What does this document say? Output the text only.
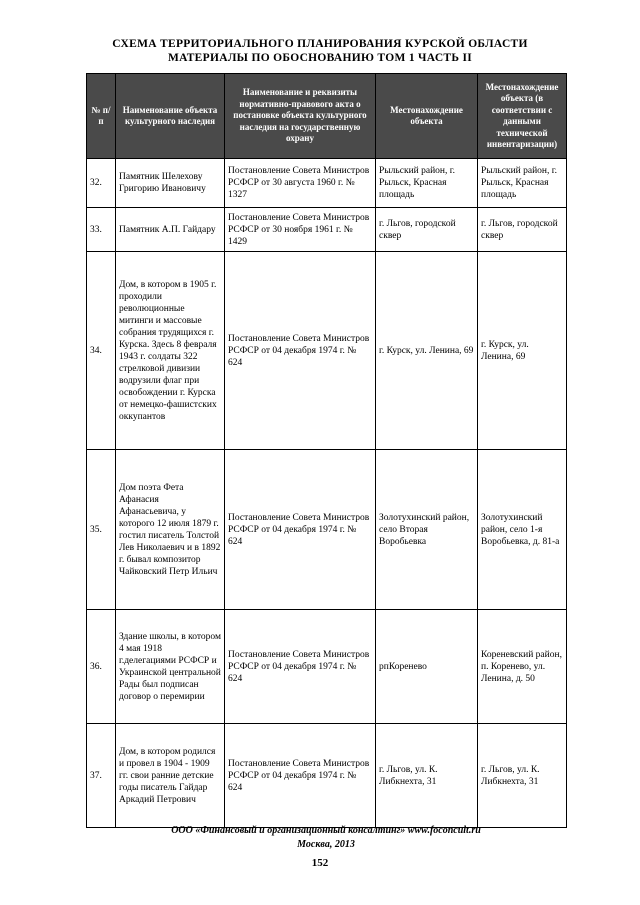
СХЕМА ТЕРРИТОРИАЛЬНОГО ПЛАНИРОВАНИЯ КУРСКОЙ ОБЛАСТИ
МАТЕРИАЛЫ ПО ОБОСНОВАНИЮ ТОМ 1 ЧАСТЬ II
№ п/п	Наименование объекта культурного наследия	Наименование и реквизиты нормативно-правового акта о постановке объекта культурного наследия на государственную охрану	Местонахождение объекта	Местонахождение объекта (в соответствии с данными технической инвентаризации)
32.	Памятник Шелехову Григорию Ивановичу	Постановление Совета Министров РСФСР от 30 августа 1960 г. № 1327	Рыльский район, г. Рыльск, Красная площадь	Рыльский район, г. Рыльск, Красная площадь
33.	Памятник А.П. Гайдару	Постановление Совета Министров РСФСР от 30 ноября 1961 г. № 1429	г. Льгов, городской сквер	г. Льгов, городской сквер
34.	Дом, в котором в 1905 г. проходили революционные митинги и массовые собрания трудящихся г. Курска. Здесь 8 февраля 1943 г. солдаты 322 стрелковой дивизии водрузили флаг при освобождении г. Курска от немецко-фашистских оккупантов	Постановление Совета Министров РСФСР от 04 декабря 1974 г. № 624	г. Курск, ул. Ленина, 69	г. Курск, ул. Ленина, 69
35.	Дом поэта Фета Афанасия Афанасьевича, у которого 12 июля 1879 г. гостил писатель Толстой Лев Николаевич и в 1892 г. бывал композитор Чайковский Петр Ильич	Постановление Совета Министров РСФСР от 04 декабря 1974 г. № 624	Золотухинский район, село Вторая Воробьевка	Золотухинский район, село 1-я Воробьевка, д. 81-а
36.	Здание школы, в котором 4 мая 1918 г.делегациями РСФСР и Украинской центральной Рады был подписан договор о перемирии	Постановление Совета Министров РСФСР от 04 декабря 1974 г. № 624	рпКоренево	Кореневский район, п. Коренево, ул. Ленина, д. 50
37.	Дом, в котором родился и провел в 1904 - 1909 гг. свои ранние детские годы писатель Гайдар Аркадий Петрович	Постановление Совета Министров РСФСР от 04 декабря 1974 г. № 624	г. Льгов, ул. К. Либкнехта, 31	г. Льгов, ул. К. Либкнехта, 31
ООО «Финансовый и организационный консалтинг» www.foconcult.ru
Москва, 2013
152
